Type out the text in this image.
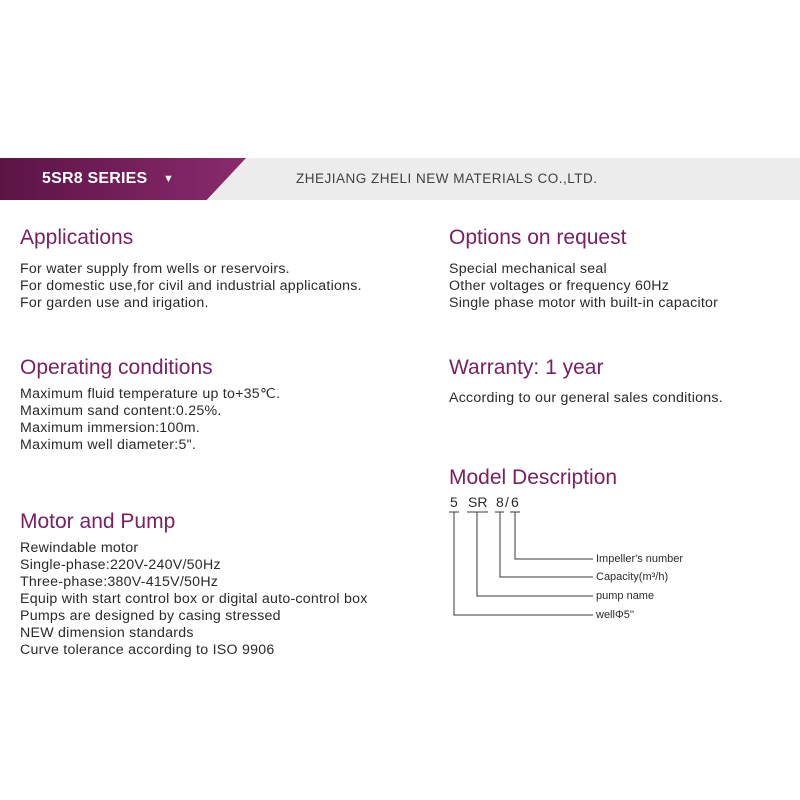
5SR8 SERIES ▼	ZHEJIANG ZHELI NEW MATERIALS CO.,LTD.
Applications
For water supply from wells or reservoirs.
For domestic use,for civil and industrial applications.
For garden use and irigation.
Operating conditions
Maximum fluid temperature up to+35℃.
Maximum sand content:0.25%.
Maximum immersion:100m.
Maximum well diameter:5".
Motor and Pump
Rewindable motor
Single-phase:220V-240V/50Hz
Three-phase:380V-415V/50Hz
Equip with start control box or digital auto-control box
Pumps are designed by casing stressed
NEW dimension standards
Curve tolerance according to ISO 9906
Options on request
Special mechanical seal
Other voltages or frequency 60Hz
Single phase motor with built-in capacitor
Warranty: 1 year
According to our general sales conditions.
Model Description
5 SR 8 / 6
Impeller's number
Capacity(m³/h)
pump name
wellΦ5''
